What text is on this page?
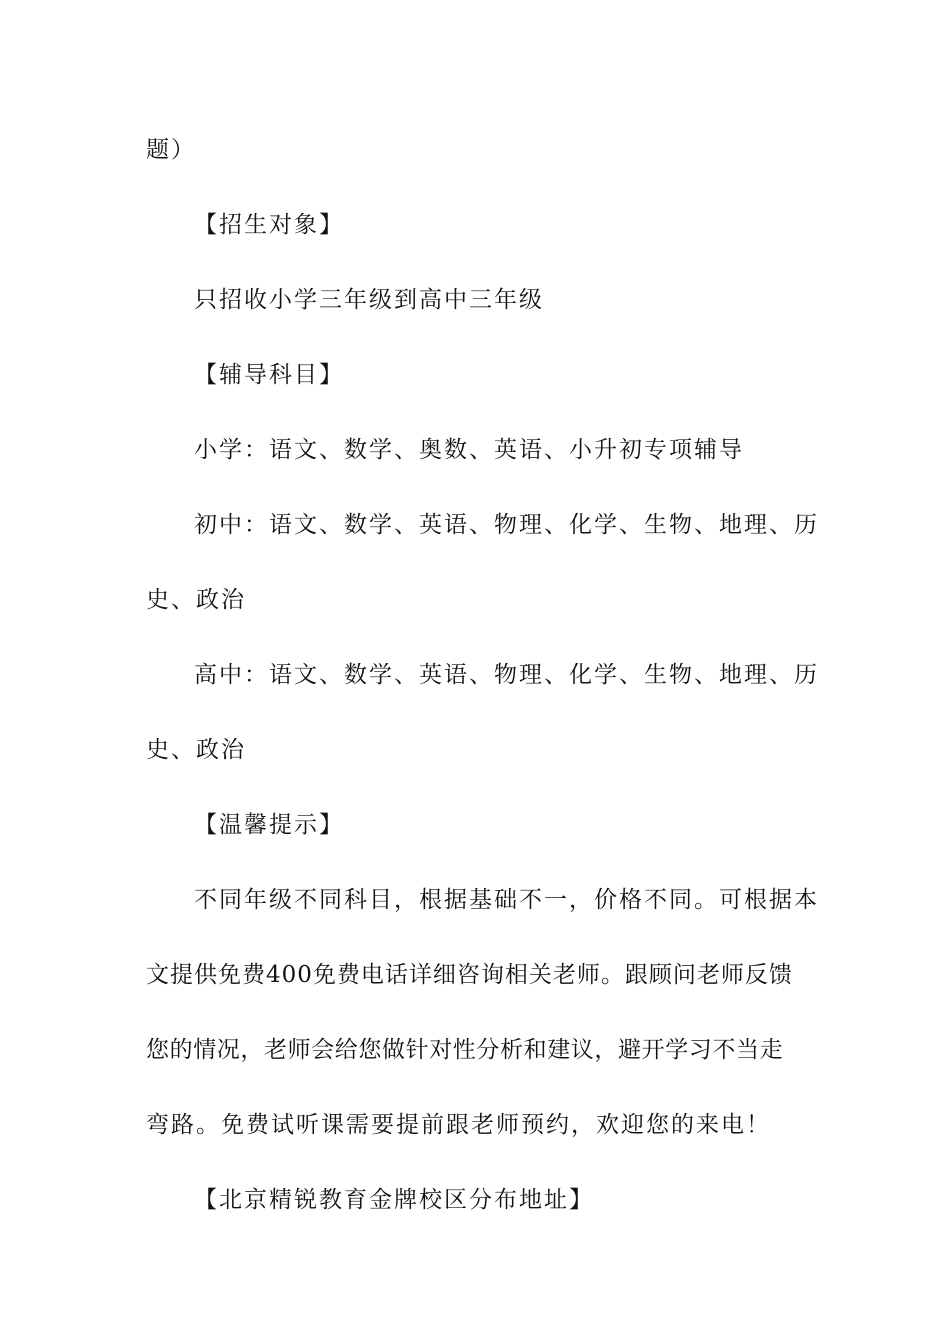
题）
【招生对象】
只招收小学三年级到高中三年级
【辅导科目】
小学：语文、数学、奥数、英语、小升初专项辅导
初中：语文、数学、英语、物理、化学、生物、地理、历
史、政治
高中：语文、数学、英语、物理、化学、生物、地理、历
史、政治
【温馨提示】
不同年级不同科目，根据基础不一，价格不同。可根据本
文提供免费400免费电话详细咨询相关老师。跟顾问老师反馈
您的情况，老师会给您做针对性分析和建议，避开学习不当走
弯路。免费试听课需要提前跟老师预约，欢迎您的来电！
【北京精锐教育金牌校区分布地址】
